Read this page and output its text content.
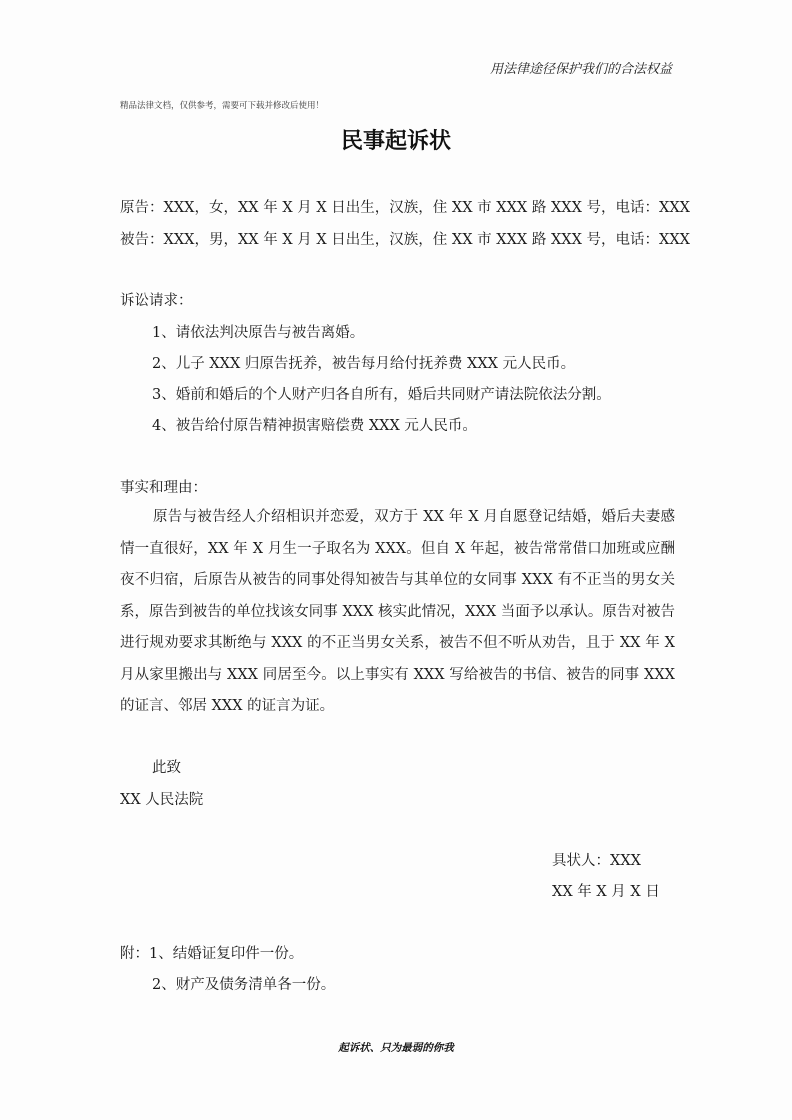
用法律途径保护我们的合法权益
精品法律文档，仅供参考，需要可下载并修改后使用！
民事起诉状
原告：XXX，女，XX 年 X 月 X 日出生，汉族，住 XX 市 XXX 路 XXX 号，电话：XXX
被告：XXX，男，XX 年 X 月 X 日出生，汉族，住 XX 市 XXX 路 XXX 号，电话：XXX
诉讼请求：
1、请依法判决原告与被告离婚。
2、儿子 XXX 归原告抚养，被告每月给付抚养费 XXX 元人民币。
3、婚前和婚后的个人财产归各自所有，婚后共同财产请法院依法分割。
4、被告给付原告精神损害赔偿费 XXX 元人民币。
事实和理由：
原告与被告经人介绍相识并恋爱，双方于 XX 年 X 月自愿登记结婚，婚后夫妻感情一直很好，XX 年 X 月生一子取名为 XXX。但自 X 年起，被告常常借口加班或应酬夜不归宿，后原告从被告的同事处得知被告与其单位的女同事 XXX 有不正当的男女关系，原告到被告的单位找该女同事 XXX 核实此情况，XXX 当面予以承认。原告对被告进行规劝要求其断绝与 XXX 的不正当男女关系，被告不但不听从劝告，且于 XX 年 X 月从家里搬出与 XXX 同居至今。以上事实有 XXX 写给被告的书信、被告的同事 XXX 的证言、邻居 XXX 的证言为证。
此致
XX 人民法院
具状人：XXX
XX 年 X 月 X 日
附：1、结婚证复印件一份。
2、财产及债务清单各一份。
起诉状、只为最弱的你我
